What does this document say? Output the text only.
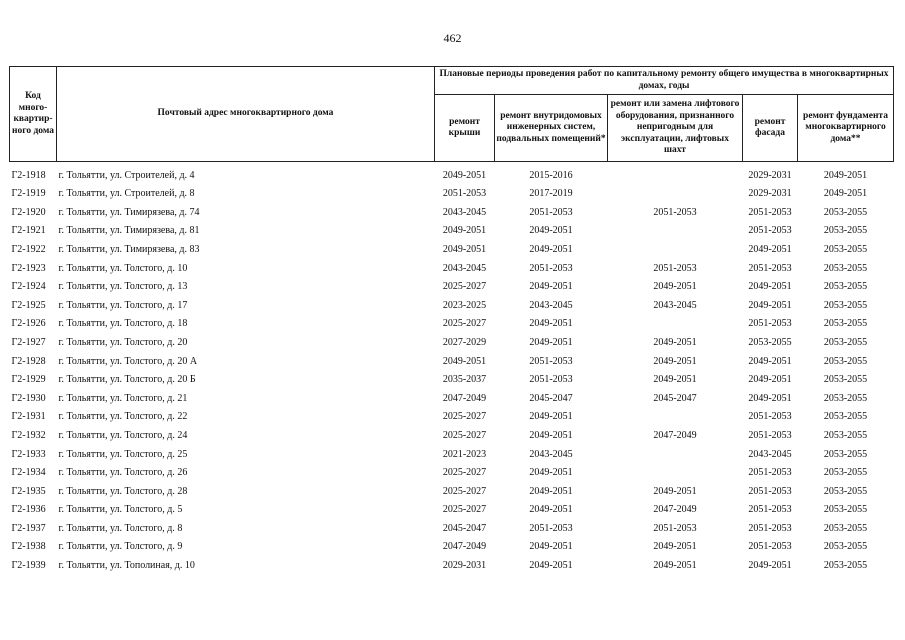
462
Код много-квартир-ного дома	Почтовый адрес многоквартирного дома	Плановые периоды проведения работ по капитальному ремонту общего имущества в многоквартирных домах, годы				
		ремонт крыши	ремонт внутридомовых инженерных систем, подвальных помещений*	ремонт или замена лифтового оборудования, признанного непригодным для эксплуатации, лифтовых шахт	ремонт фасада	ремонт фундамента многоквартирного дома**
Г2-1918	г. Тольятти, ул. Строителей, д. 4	2049-2051	2015-2016		2029-2031	2049-2051
Г2-1919	г. Тольятти, ул. Строителей, д. 8	2051-2053	2017-2019		2029-2031	2049-2051
Г2-1920	г. Тольятти, ул. Тимирязева, д. 74	2043-2045	2051-2053	2051-2053	2051-2053	2053-2055
Г2-1921	г. Тольятти, ул. Тимирязева, д. 81	2049-2051	2049-2051		2051-2053	2053-2055
Г2-1922	г. Тольятти, ул. Тимирязева, д. 83	2049-2051	2049-2051		2049-2051	2053-2055
Г2-1923	г. Тольятти, ул. Толстого, д. 10	2043-2045	2051-2053	2051-2053	2051-2053	2053-2055
Г2-1924	г. Тольятти, ул. Толстого, д. 13	2025-2027	2049-2051	2049-2051	2049-2051	2053-2055
Г2-1925	г. Тольятти, ул. Толстого, д. 17	2023-2025	2043-2045	2043-2045	2049-2051	2053-2055
Г2-1926	г. Тольятти, ул. Толстого, д. 18	2025-2027	2049-2051		2051-2053	2053-2055
Г2-1927	г. Тольятти, ул. Толстого, д. 20	2027-2029	2049-2051	2049-2051	2053-2055	2053-2055
Г2-1928	г. Тольятти, ул. Толстого, д. 20 А	2049-2051	2051-2053	2049-2051	2049-2051	2053-2055
Г2-1929	г. Тольятти, ул. Толстого, д. 20 Б	2035-2037	2051-2053	2049-2051	2049-2051	2053-2055
Г2-1930	г. Тольятти, ул. Толстого, д. 21	2047-2049	2045-2047	2045-2047	2049-2051	2053-2055
Г2-1931	г. Тольятти, ул. Толстого, д. 22	2025-2027	2049-2051		2051-2053	2053-2055
Г2-1932	г. Тольятти, ул. Толстого, д. 24	2025-2027	2049-2051	2047-2049	2051-2053	2053-2055
Г2-1933	г. Тольятти, ул. Толстого, д. 25	2021-2023	2043-2045		2043-2045	2053-2055
Г2-1934	г. Тольятти, ул. Толстого, д. 26	2025-2027	2049-2051		2051-2053	2053-2055
Г2-1935	г. Тольятти, ул. Толстого, д. 28	2025-2027	2049-2051	2049-2051	2051-2053	2053-2055
Г2-1936	г. Тольятти, ул. Толстого, д. 5	2025-2027	2049-2051	2047-2049	2051-2053	2053-2055
Г2-1937	г. Тольятти, ул. Толстого, д. 8	2045-2047	2051-2053	2051-2053	2051-2053	2053-2055
Г2-1938	г. Тольятти, ул. Толстого, д. 9	2047-2049	2049-2051	2049-2051	2051-2053	2053-2055
Г2-1939	г. Тольятти, ул. Тополиная, д. 10	2029-2031	2049-2051	2049-2051	2049-2051	2053-2055
